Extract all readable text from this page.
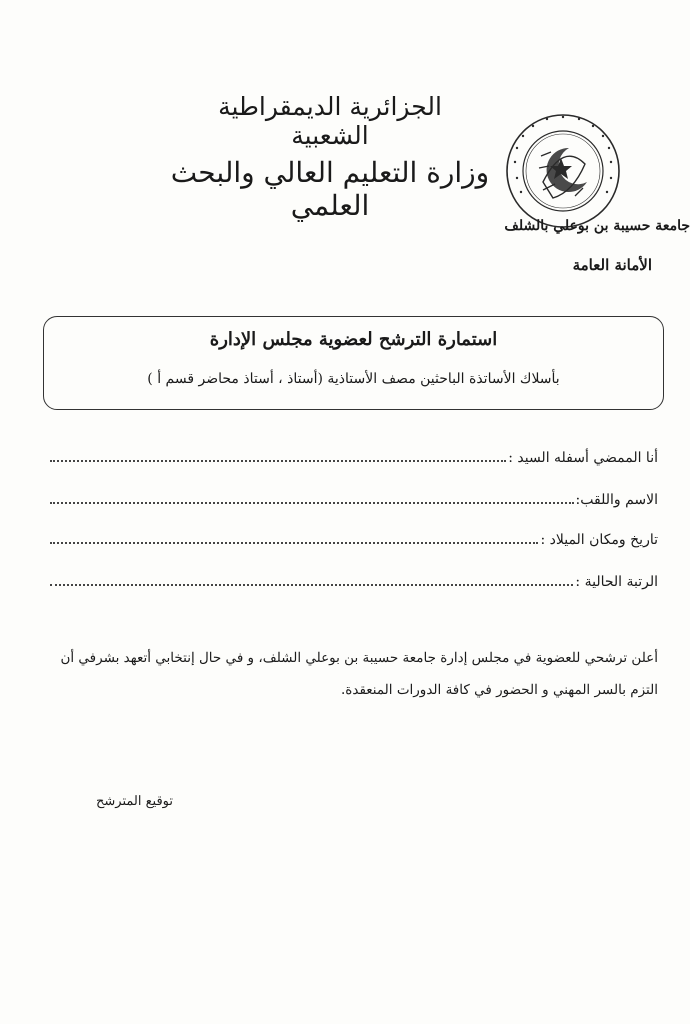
الجزائرية الديمقراطية الشعبية
وزارة التعليم العالي والبحث العلمي
جامعة حسيبة بن بوعلي بالشلف
الأمانة العامة
استمارة الترشح لعضوية مجلس الإدارة
بأسلاك الأساتذة الباحثين مصف الأستاذية (أستاذ ، أستاذ محاضر قسم أ )
أنا الممضي أسفله السيد :
الاسم واللقب:
تاريخ ومكان الميلاد :
الرتبة الحالية :
أعلن ترشحي للعضوية في مجلس إدارة جامعة حسيبة بن بوعلي الشلف، و في حال إنتخابي أتعهد بشرفي أن التزم بالسر المهني و الحضور في كافة الدورات المنعقدة.
توقيع المترشح
